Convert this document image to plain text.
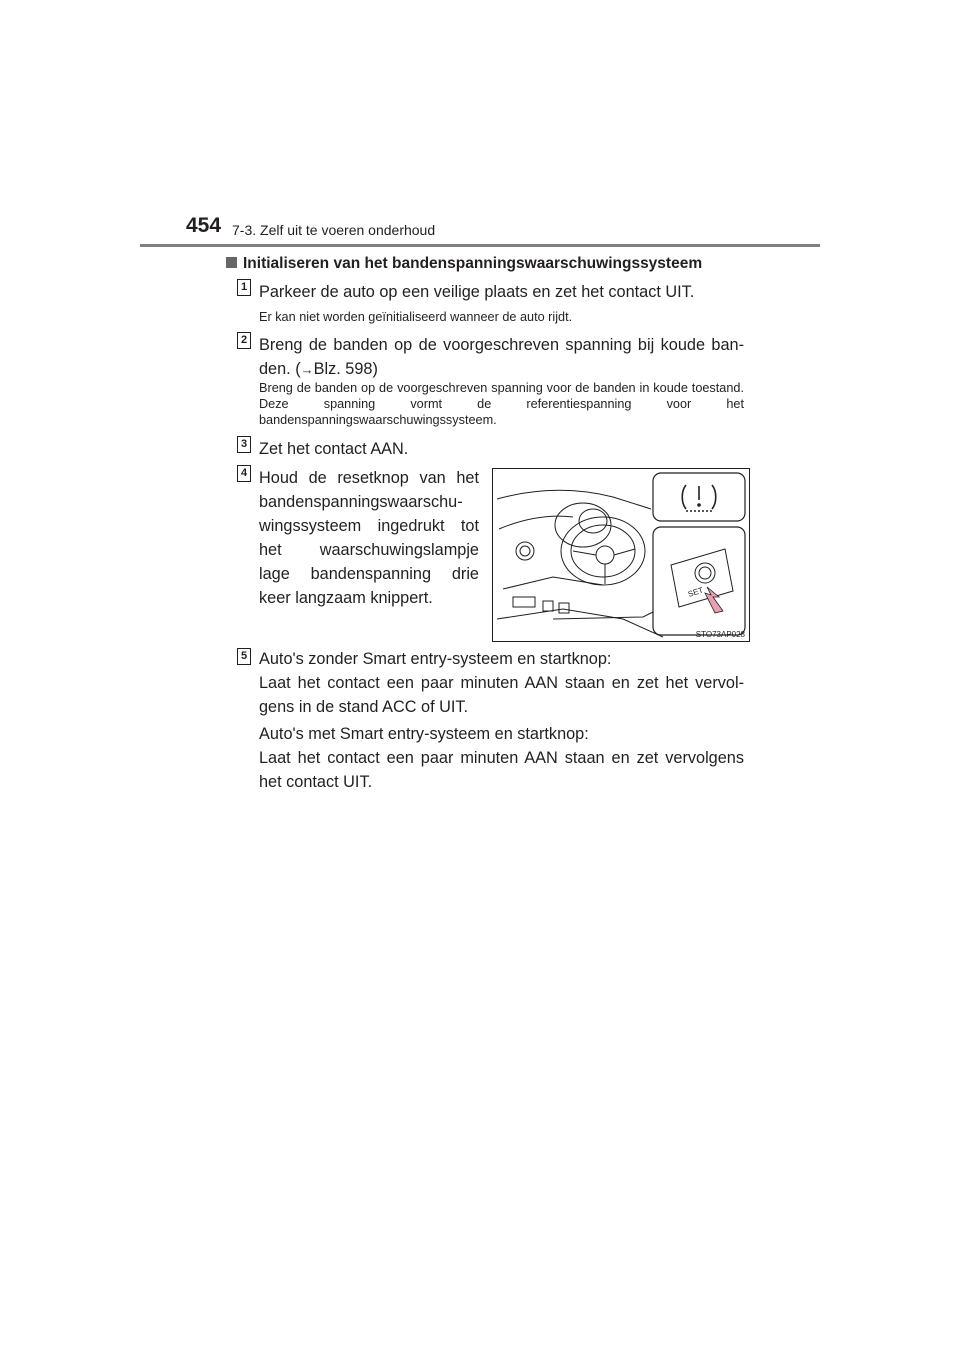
454 7-3. Zelf uit te voeren onderhoud
Initialiseren van het bandenspanningswaarschuwingssysteem
1 Parkeer de auto op een veilige plaats en zet het contact UIT.
Er kan niet worden geïnitialiseerd wanneer de auto rijdt.
2 Breng de banden op de voorgeschreven spanning bij koude ban-den. (→Blz. 598)
Breng de banden op de voorgeschreven spanning voor de banden in koude toestand. Deze spanning vormt de referentiespanning voor het bandenspanningswaarschuwingssysteem.
3 Zet het contact AAN.
4 Houd de resetknop van het bandenspanningswaarschu-wingssysteem ingedrukt tot het waarschuwingslampje lage bandenspanning drie keer langzaam knippert.	SET
STO73AP028
5 Auto's zonder Smart entry-systeem en startknop:
Laat het contact een paar minuten AAN staan en zet het vervol-gens in de stand ACC of UIT.
Auto's met Smart entry-systeem en startknop:
Laat het contact een paar minuten AAN staan en zet vervolgens het contact UIT.
